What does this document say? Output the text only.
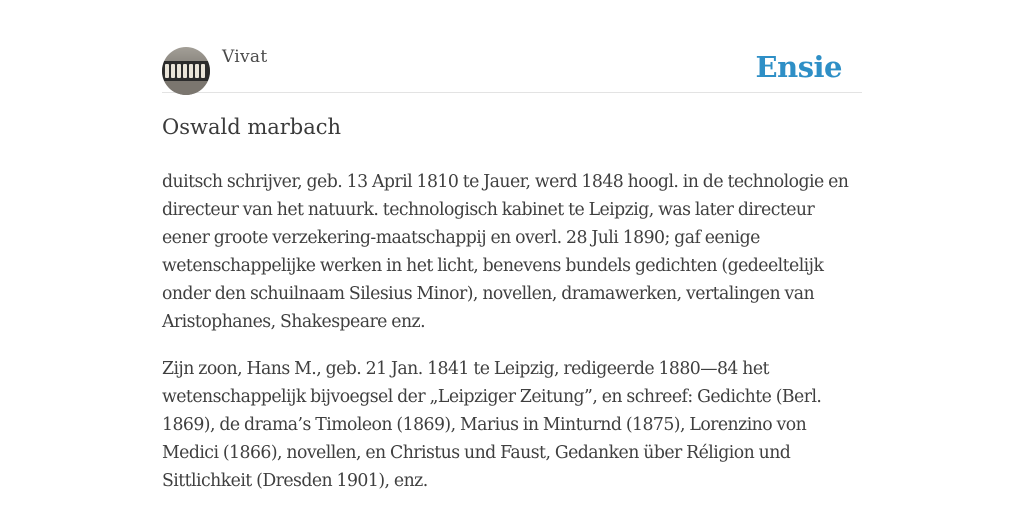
Vivat	Ensie
Oswald marbach

duitsch schrijver, geb. 13 April 1810 te Jauer, werd 1848 hoogl. in de technologie en directeur van het natuurk. technologisch kabinet te Leipzig, was later directeur eener groote verzekering-maatschappij en overl. 28 Juli 1890; gaf eenige wetenschappelijke werken in het licht, benevens bundels gedichten (gedeeltelijk onder den schuilnaam Silesius Minor), novellen, dramawerken, vertalingen van Aristophanes, Shakespeare enz.

Zijn zoon, Hans M., geb. 21 Jan. 1841 te Leipzig, redigeerde 1880—84 het wetenschappelijk bijvoegsel der „Leipziger Zeitung”, en schreef: Gedichte (Berl. 1869), de drama’s Timoleon (1869), Marius in Minturnd (1875), Lorenzino von Medici (1866), novellen, en Christus und Faust, Gedanken über Réligion und Sittlichkeit (Dresden 1901), enz.
